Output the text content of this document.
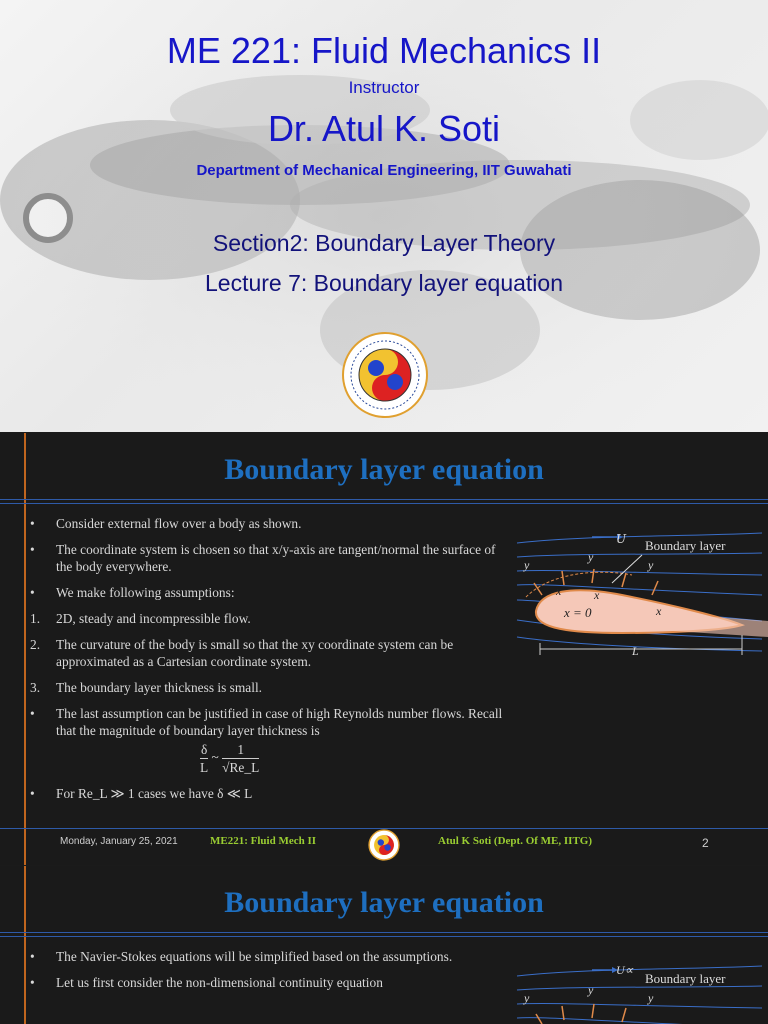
ME 221: Fluid Mechanics II
Instructor
Dr. Atul K. Soti
Department of Mechanical Engineering, IIT Guwahati
Section2: Boundary Layer Theory
Lecture 7: Boundary layer equation
Boundary layer equation
•	Consider external flow over a body as shown.
•	The coordinate system is chosen so that x/y-axis are tangent/normal the surface of the body everywhere.
•	We make following assumptions:
1.	2D, steady and incompressible flow.
2.	The curvature of the body is small so that the xy coordinate system can be approximated as a Cartesian coordinate system.
3.	The boundary layer thickness is small.
•	The last assumption can be justified in case of high Reynolds number flows. Recall that the magnitude of boundary layer thickness is
$\frac{\delta}{L}$ ~ $\frac{1}{√Re\_L}$
•	For Re_L ≫ 1 cases we have δ ≪ L
U Boundary layer
y
y
y
x	x
x
x = 0
L
Monday, January 25, 2021	ME221: Fluid Mech II	Atul K Soti (Dept. Of ME, IITG)	2
Boundary layer equation
•	The Navier-Stokes equations will be simplified based on the assumptions.
•	Let us first consider the non-dimensional continuity equation
U∝
Boundary layer
y
y
y
